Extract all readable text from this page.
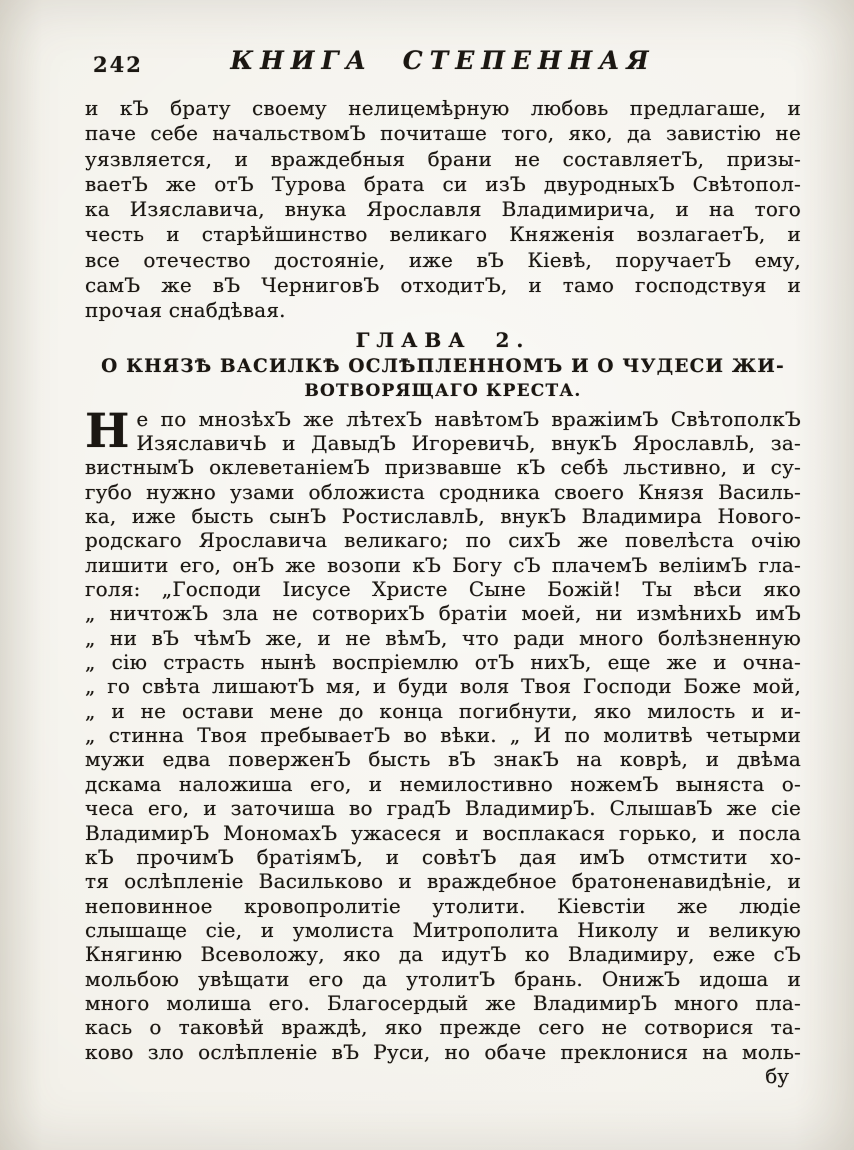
242	КНИГА СТЕПЕННАЯ
и кЪ брату своему нелицемѣрную любовь предлагаше, и
паче себе начальствомЪ почиташе того, яко, да завистію не
уязвляется, и враждебныя брани не составляетЪ, призы-
ваетЪ же отЪ Турова брата си изЪ двуродныхЪ Свѣтопол-
ка Изяславича, внука Ярославля Владимирича, и на того
честь и старѣйшинство великаго Княженія возлагаетЪ, и
все отечество достояніе, иже вЪ Кіевѣ, поручаетЪ ему,
самЪ же вЪ ЧерниговЪ отходитЪ, и тамо господствуя и
прочая снабдѣвая.
ГЛАВА 2.
О КНЯЗѢ ВАСИЛКѢ ОСЛѢПЛЕННОМЪ И О ЧУДЕСИ ЖИ-
ВОТВОРЯЩАГО КРЕСТА.
Н е по мнозѣхЪ же лѣтехЪ навѣтомЪ вражіимЪ СвѣтополкЪ
ИзяславичЬ и ДавыдЪ ИгоревичЬ, внукЪ ЯрославлЬ, за-
вистнымЪ оклеветаніемЪ призвавше кЪ себѣ льстивно, и су-
губо нужно узами обложиста сродника своего Князя Василь-
ка, иже бысть сынЪ РостиславлЬ, внукЪ Владимира Нового-
родскаго Ярославича великаго; по сихЪ же повелѣста очію
лишити его, онЪ же возопи кЪ Богу сЪ плачемЪ веліимЪ гла-
голя: „Господи Іисусе Христе Сыне Божій! Ты вѣси яко
„ ничтожЪ зла не сотворихЪ братіи моей, ни измѣнихЬ имЪ
„ ни вЪ чѣмЪ же, и не вѣмЪ, что ради много болѣзненную
„ сію страсть нынѣ воспріемлю отЪ нихЪ, еще же и очна-
„ го свѣта лишаютЪ мя, и буди воля Твоя Господи Боже мой,
„ и не остави мене до конца погибнути, яко милость и и-
„ стинна Твоя пребываетЪ во вѣки. „ И по молитвѣ четырми
мужи едва поверженЪ бысть вЪ знакЪ на коврѣ, и двѣма
дскама наложиша его, и немилостивно ножемЪ выняста о-
чеса его, и заточиша во градЪ ВладимирЪ. СлышавЪ же сіе
ВладимирЪ МономахЪ ужасеся и восплакася горько, и посла
кЪ прочимЪ братіямЪ, и совѣтЪ дая имЪ отмстити хо-
тя ослѣпленіе Васильково и враждебное братоненавидѣніе, и
неповинное кровопролитіе утолити. Кіевстіи же людіе
слышаще сіе, и умолиста Митрополита Николу и великую
Княгиню Всеволожу, яко да идутЪ ко Владимиру, еже сЪ
мольбою увѣщати его да утолитЪ брань. ОнижЪ идоша и
много молиша его. Благосердый же ВладимирЪ много пла-
кась о таковѣй враждѣ, яко прежде сего не сотворися та-
ково зло ослѣпленіе вЪ Руси, но обаче преклонися на моль-
бу
